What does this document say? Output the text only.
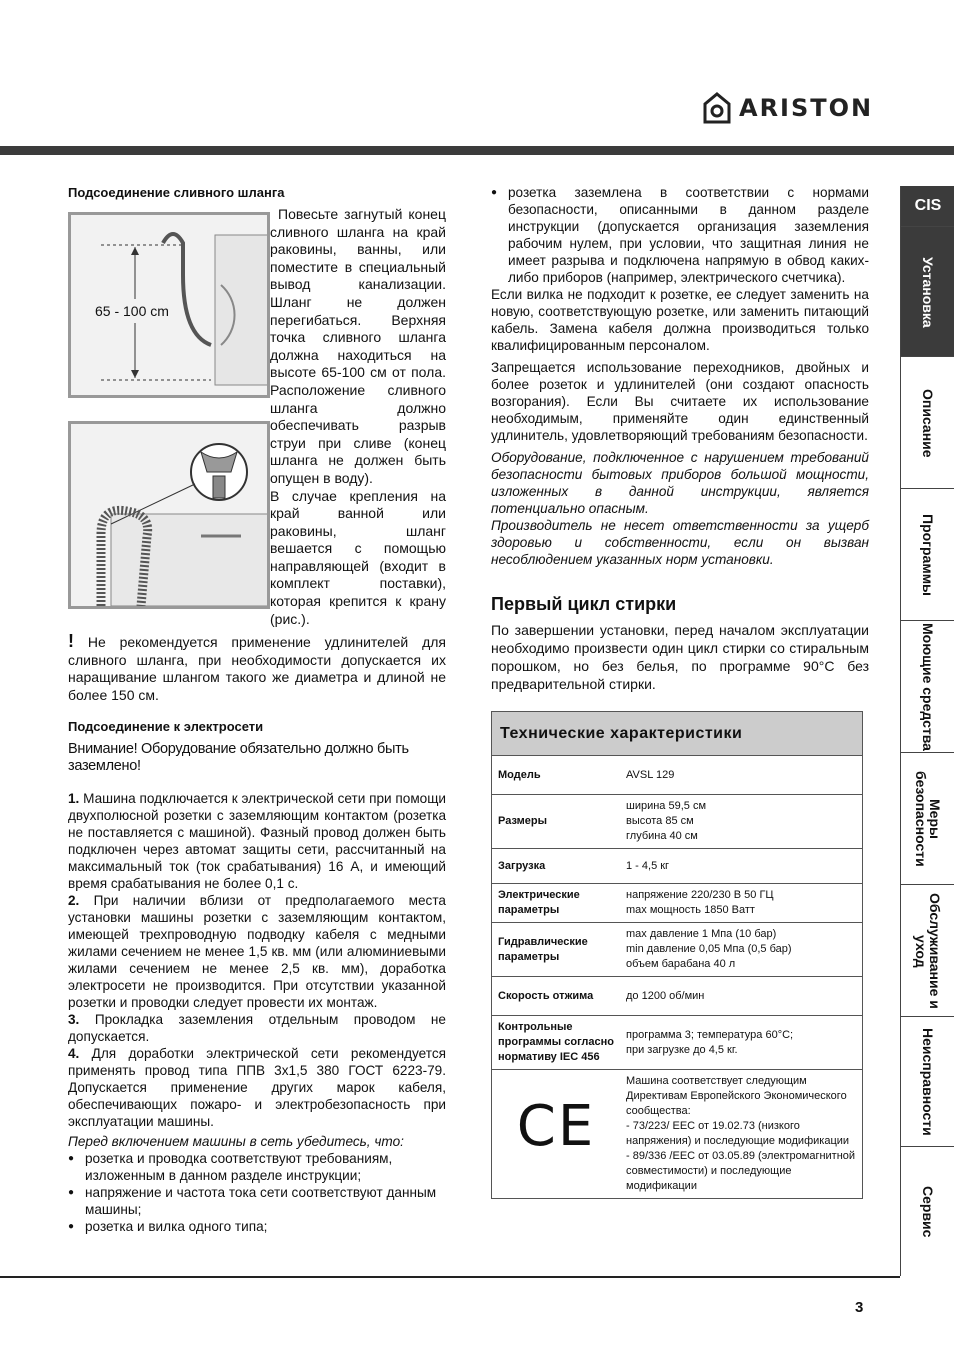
ARISTON
CIS
Установка
Описание
Программы
Моющие средства
Меры безопасности
Обслуживание и уход
Неисправности
Сервис

Подсоединение сливного шланга

65 - 100 cm

Повесьте загнутый конец сливного шланга на край раковины, ванны, или поместите в специальный вывод канализации. Шланг не должен перегибаться. Верхняя точка сливного шланга должна находиться на высоте 65-100 см от пола. Расположение сливного шланга должно обеспечивать разрыв струи при сливе (конец шланга не должен быть опущен в воду).

В случае крепления на край ванной или раковины, шланг вешается с помощью направляющей (входит в комплект поставки), которая крепится к крану (рис.).

! Не рекомендуется применение удлинителей для сливного шланга, при необходимости допускается их наращивание шлангом такого же диаметра и длиной не более 150 см.

Подсоединение к электросети

Внимание! Оборудование обязательно должно быть заземлено!

1. Машина подключается к электрической сети при помощи двухполюсной розетки с заземляющим контактом (розетка не поставляется с машиной). Фазный провод должен быть подключен через автомат защиты сети, рассчитанный на максимальный ток (ток срабатывания) 16 А, и имеющий время срабатывания не более 0,1 с.

2. При наличии вблизи от предполагаемого места установки машины розетки с заземляющим контактом, имеющей трехпроводную подводку кабеля с медными жилами сечением не менее 1,5 кв. мм (или алюминиевыми жилами сечением не менее 2,5 кв. мм), доработка электросети не производится. При отсутствии указанной розетки и проводки следует провести их монтаж.

3. Прокладка заземления отдельным проводом не допускается.

4. Для доработки электрической сети рекомендуется применять провод типа ППВ 3х1,5 380 ГОСТ 6223-79. Допускается применение других марок кабеля, обеспечивающих пожаро- и электробезопасность при эксплуатации машины.

Перед включением машины в сеть убедитесь, что:

● розетка и проводка соответствуют требованиям, изложенным в данном разделе инструкции;

● напряжение и частота тока сети соответствуют данным машины;

● розетка и вилка одного типа;

● розетка заземлена в соответствии с нормами безопасности, описанными в данном разделе инструкции (допускается организация заземления рабочим нулем, при условии, что защитная линия не имеет разрыва и подключена напрямую в обвод каких-либо приборов (например, электрического счетчика).

Если вилка не подходит к розетке, ее следует заменить на новую, соответствующую розетке, или заменить питающий кабель. Замена кабеля должна производиться только квалифицированным персоналом.

Запрещается использование переходников, двойных и более розеток и удлинителей (они создают опасность возгорания). Если Вы считаете их использование необходимым, применяйте один единственный удлинитель, удовлетворяющий требованиям безопасности.

Оборудование, подключенное с нарушением требований безопасности бытовых приборов большой мощности, изложенных в данной инструкции, является потенциально опасным.

Производитель не несет ответственности за ущерб здоровью и собственности, если он вызван несоблюдением указанных норм установки.

Первый цикл стирки

По завершении установки, перед началом эксплуатации необходимо произвести один цикл стирки со стиральным порошком, но без белья, по программе 90°C без предварительной стирки.

Технические характеристики	
Модель	AVSL 129
Размеры	ширина 59,5 см
высота 85 см
глубина 40 см
Загрузка	1 - 4,5 кг
Электрические параметры	напряжение 220/230 В 50 ГЦ
max мощность 1850 Ватт
Гидравлические параметры	max давление 1 Мпа (10 бар)
min давление 0,05 Мпа (0,5 бар)
объем барабана 40 л
Скорость отжима	до 1200 об/мин
Контрольные программы согласно нормативу IEC 456	программа 3; температура 60°С;
при загрузке до 4,5 кг.
CE	Машина соответствует следующим Директивам Европейского Экономического сообщества:
- 73/223/ ЕЕС от 19.02.73 (низкого напряжения) и последующие модификации
- 89/336 /EEC от 03.05.89 (электромагнитной совместимости) и последующие модификации
3
